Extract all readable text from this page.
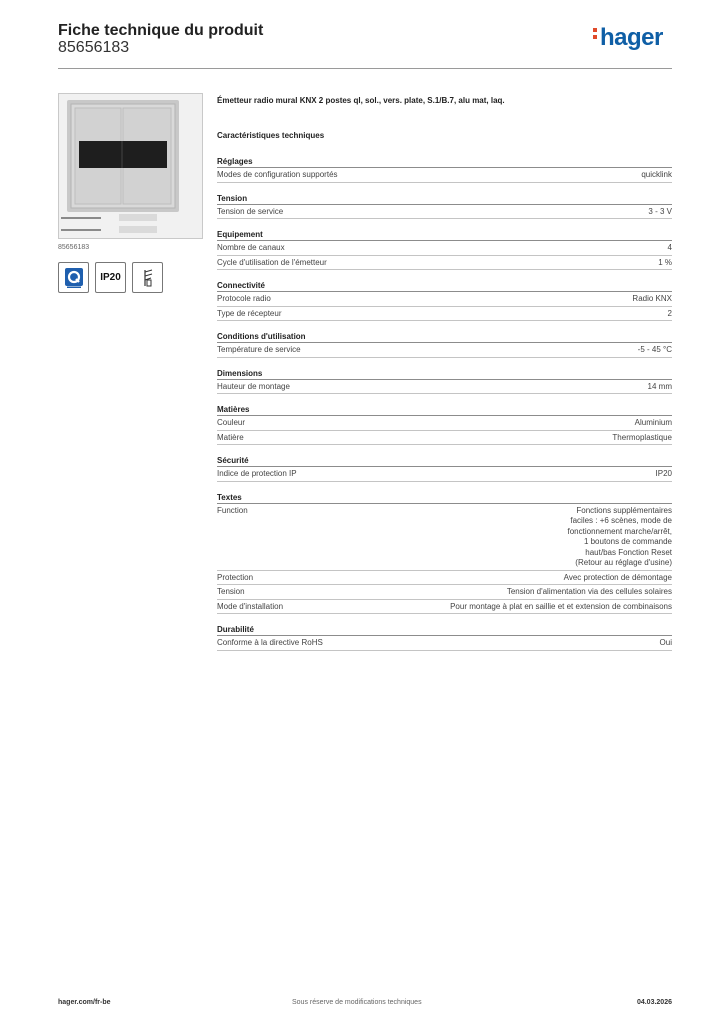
Fiche technique du produit
85656183	hager
85656183
IP20
Émetteur radio mural KNX 2 postes ql, sol., vers. plate, S.1/B.7, alu mat, laq.
Caractéristiques techniques
Réglages
Modes de configuration supportés	quicklink
Tension
Tension de service	3 - 3 V
Equipement
Nombre de canaux	4
Cycle d'utilisation de l'émetteur	1 %
Connectivité
Protocole radio	Radio KNX
Type de récepteur	2
Conditions d'utilisation
Température de service	-5 - 45 °C
Dimensions
Hauteur de montage	14 mm
Matières
Couleur	Aluminium
Matière	Thermoplastique
Sécurité
Indice de protection IP	IP20
Textes
Function	Fonctions supplémentaires faciles : +6 scènes, mode de fonctionnement marche/arrêt, 1 boutons de commande haut/bas Fonction Reset (Retour au réglage d'usine)
Protection	Avec protection de démontage
Tension	Tension d'alimentation via des cellules solaires
Mode d'installation	Pour montage à plat en saillie et et extension de combinaisons
Durabilité
Conforme à la directive RoHS	Oui
hager.com/fr-be	Sous réserve de modifications techniques	04.03.2026
